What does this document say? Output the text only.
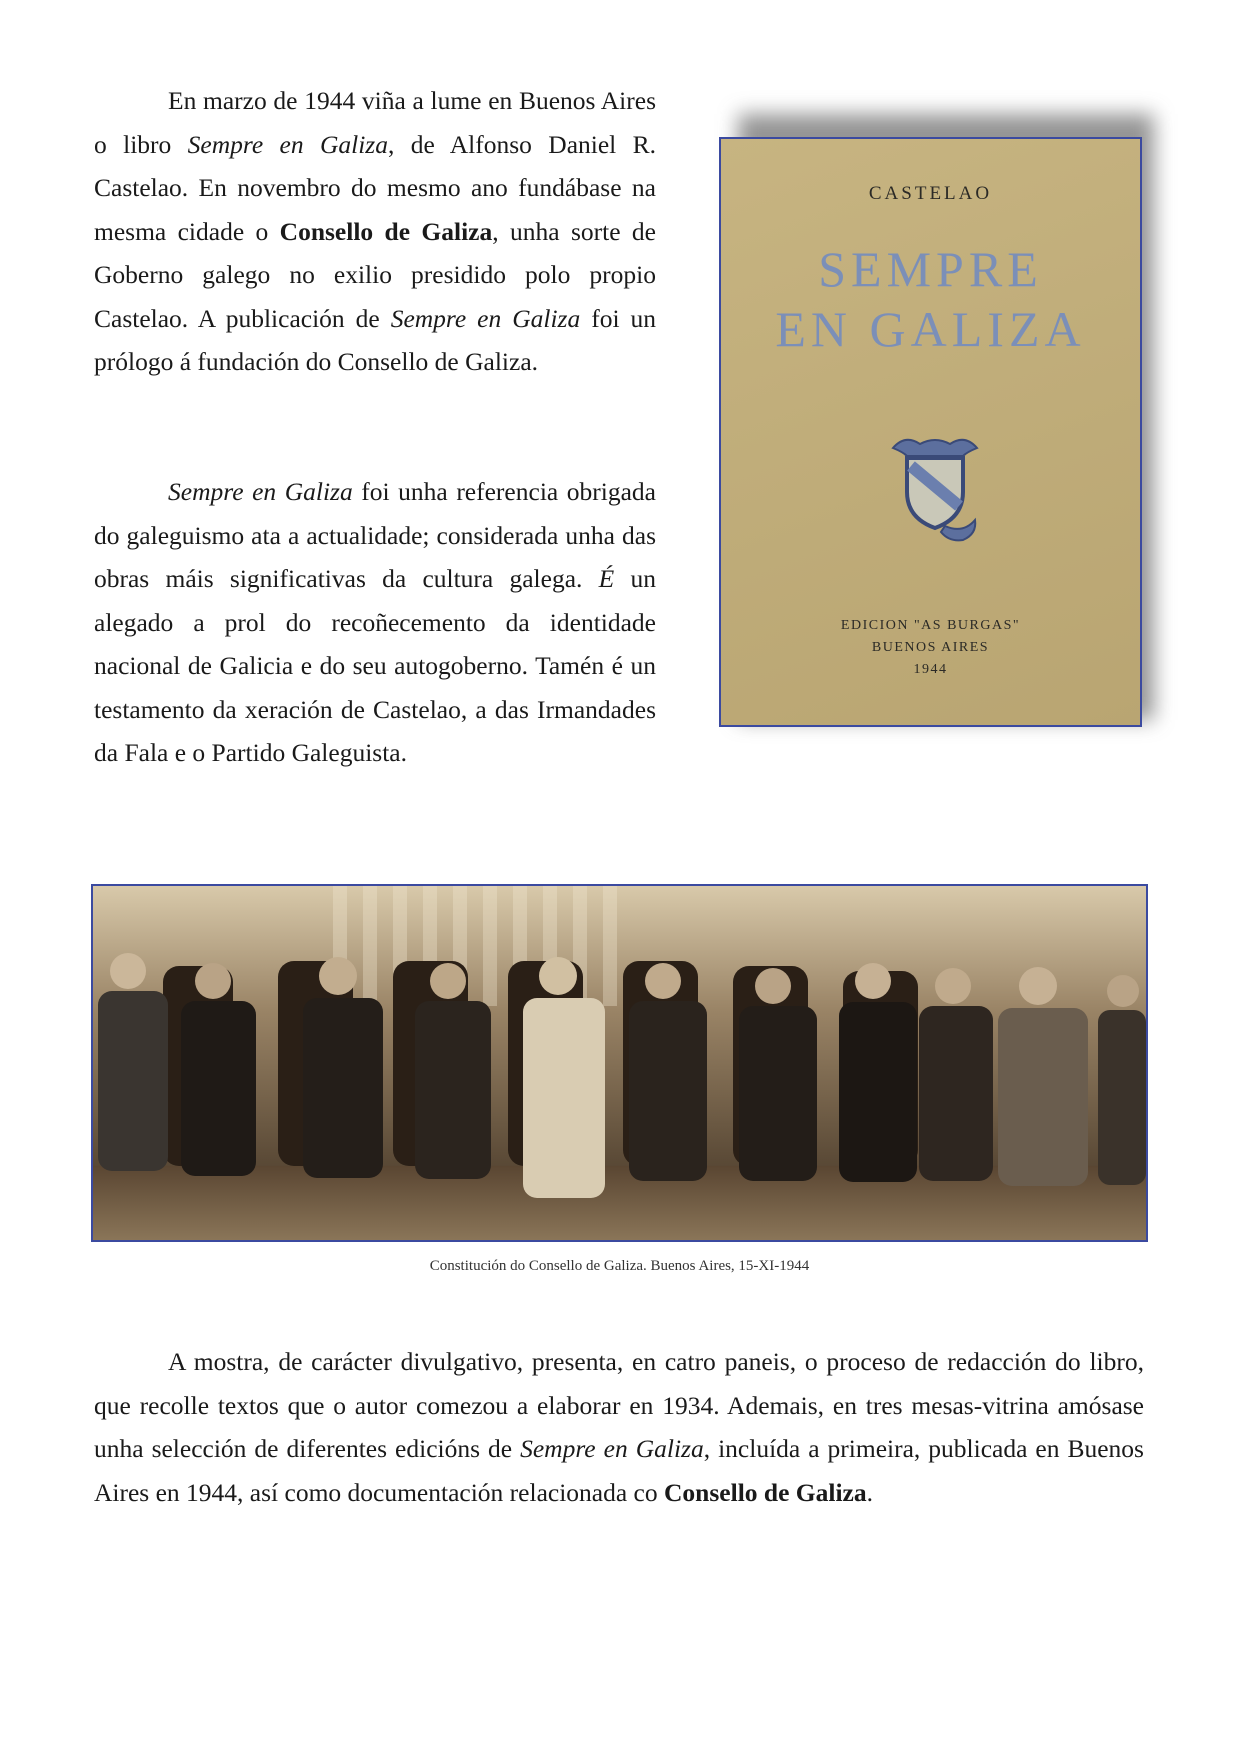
En marzo de 1944 viña a lume en Buenos Aires o libro Sempre en Galiza, de Alfonso Daniel R. Castelao. En novembro do mesmo ano fundábase na mesma cidade o Consello de Galiza, unha sorte de Goberno galego no exilio presidido polo propio Castelao. A publicación de Sempre en Galiza foi un prólogo á fundación do Consello de Galiza.

Sempre en Galiza foi unha referencia obrigada do galeguismo ata a actualidade; considerada unha das obras máis significativas da cultura galega. É un alegado a prol do recoñecemento da identidade nacional de Galicia e do seu autogoberno. Tamén é un testamento da xeración de Castelao, a das Irmandades da Fala e o Partido Galeguista.

CASTELAO
SEMPRE
EN GALIZA
EDICION "AS BURGAS"
BUENOS AIRES
1944
Constitución do Consello de Galiza. Buenos Aires, 15-XI-1944

A mostra, de carácter divulgativo, presenta, en catro paneis, o proceso de redacción do libro, que recolle textos que o autor comezou a elaborar en 1934. Ademais, en tres mesas-vitrina amósase unha selección de diferentes edicións de Sempre en Galiza, incluída a primeira, publicada en Buenos Aires en 1944, así como documentación relacionada co Consello de Galiza.
